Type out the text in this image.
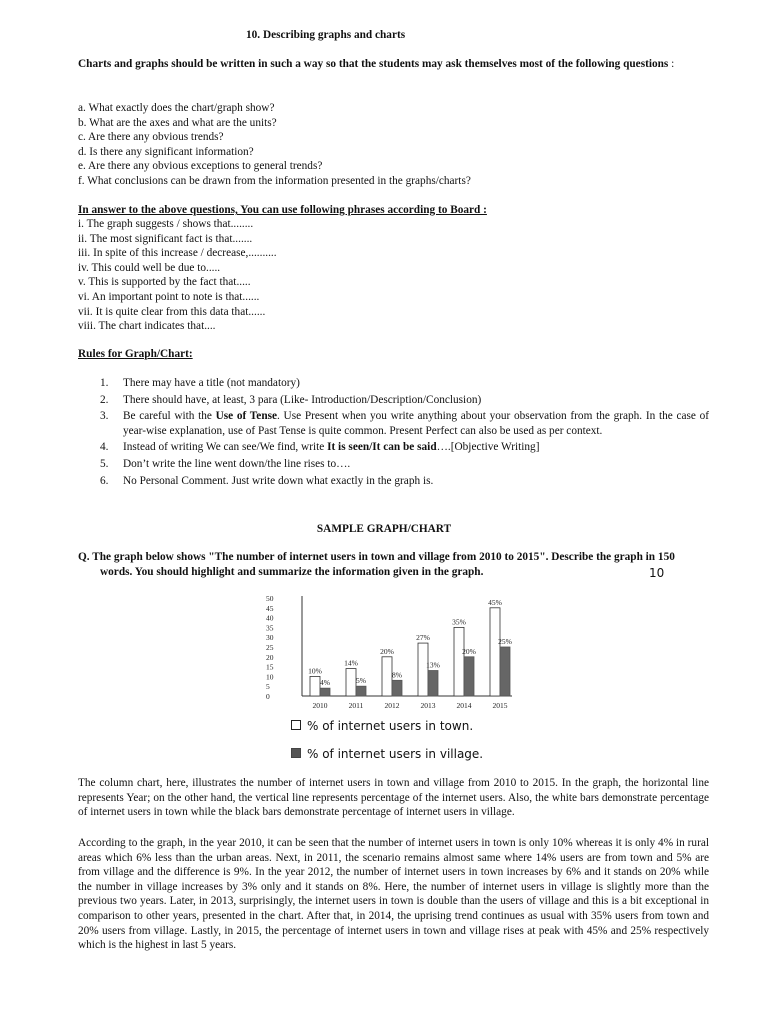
10. Describing graphs and charts
Charts and graphs should be written in such a way so that the students may ask themselves most of the following questions :
a. What exactly does the chart/graph show?
b. What are the axes and what are the units?
c. Are there any obvious trends?
d. Is there any significant information?
e. Are there any obvious exceptions to general trends?
f. What conclusions can be drawn from the information presented in the graphs/charts?
In answer to the above questions, You can use following phrases according to Board :
i. The graph suggests / shows that........
ii. The most significant fact is that.......
iii. In spite of this increase / decrease,..........
iv. This could well be due to.....
v. This is supported by the fact that.....
vi. An important point to note is that......
vii. It is quite clear from this data that......
viii. The chart indicates that....
Rules for Graph/Chart:
1. There may have a title (not mandatory)
2. There should have, at least, 3 para (Like- Introduction/Description/Conclusion)
3. Be careful with the Use of Tense. Use Present when you write anything about your observation from the graph. In the case of year-wise explanation, use of Past Tense is quite common. Present Perfect can also be used as per context.
4. Instead of writing We can see/We find, write It is seen/It can be said….[Objective Writing]
5. Don’t write the line went down/the line rises to….
6. No Personal Comment. Just write down what exactly in the graph is.
SAMPLE GRAPH/CHART
Q. The graph below shows "The number of internet users in town and village from 2010 to 2015". Describe the graph in 150
words. You should highlight and summarize the information given in the graph.	10
0
5
10
15
20
25
30
35
40
45
50
10%
4%
2010
14%
5%
2011
20%
8%
2012
27%
13%
2013
35%
20%
2014
45%
25%
2015
% of internet users in town.
% of internet users in village.
The column chart, here, illustrates the number of internet users in town and village from 2010 to 2015. In the graph, the horizontal line represents Year; on the other hand, the vertical line represents percentage of the internet users. Also, the white bars demonstrate percentage of internet users in town while the black bars demonstrate percentage of internet users in village.
According to the graph, in the year 2010, it can be seen that the number of internet users in town is only 10% whereas it is only 4% in rural areas which 6% less than the urban areas. Next, in 2011, the scenario remains almost same where 14% users are from town and 5% are from village and the difference is 9%. In the year 2012, the number of internet users in town increases by 6% and it stands on 20% while the number in village increases by 3% only and it stands on 8%. Here, the number of internet users in village is slightly more than the previous two years. Later, in 2013, surprisingly, the internet users in town is double than the users of village and this is a bit exceptional in comparison to other years, presented in the chart. After that, in 2014, the uprising trend continues as usual with 35% users from town and 20% users from village. Lastly, in 2015, the percentage of internet users in town and village rises at peak with 45% and 25% respectively which is the highest in last 5 years.
